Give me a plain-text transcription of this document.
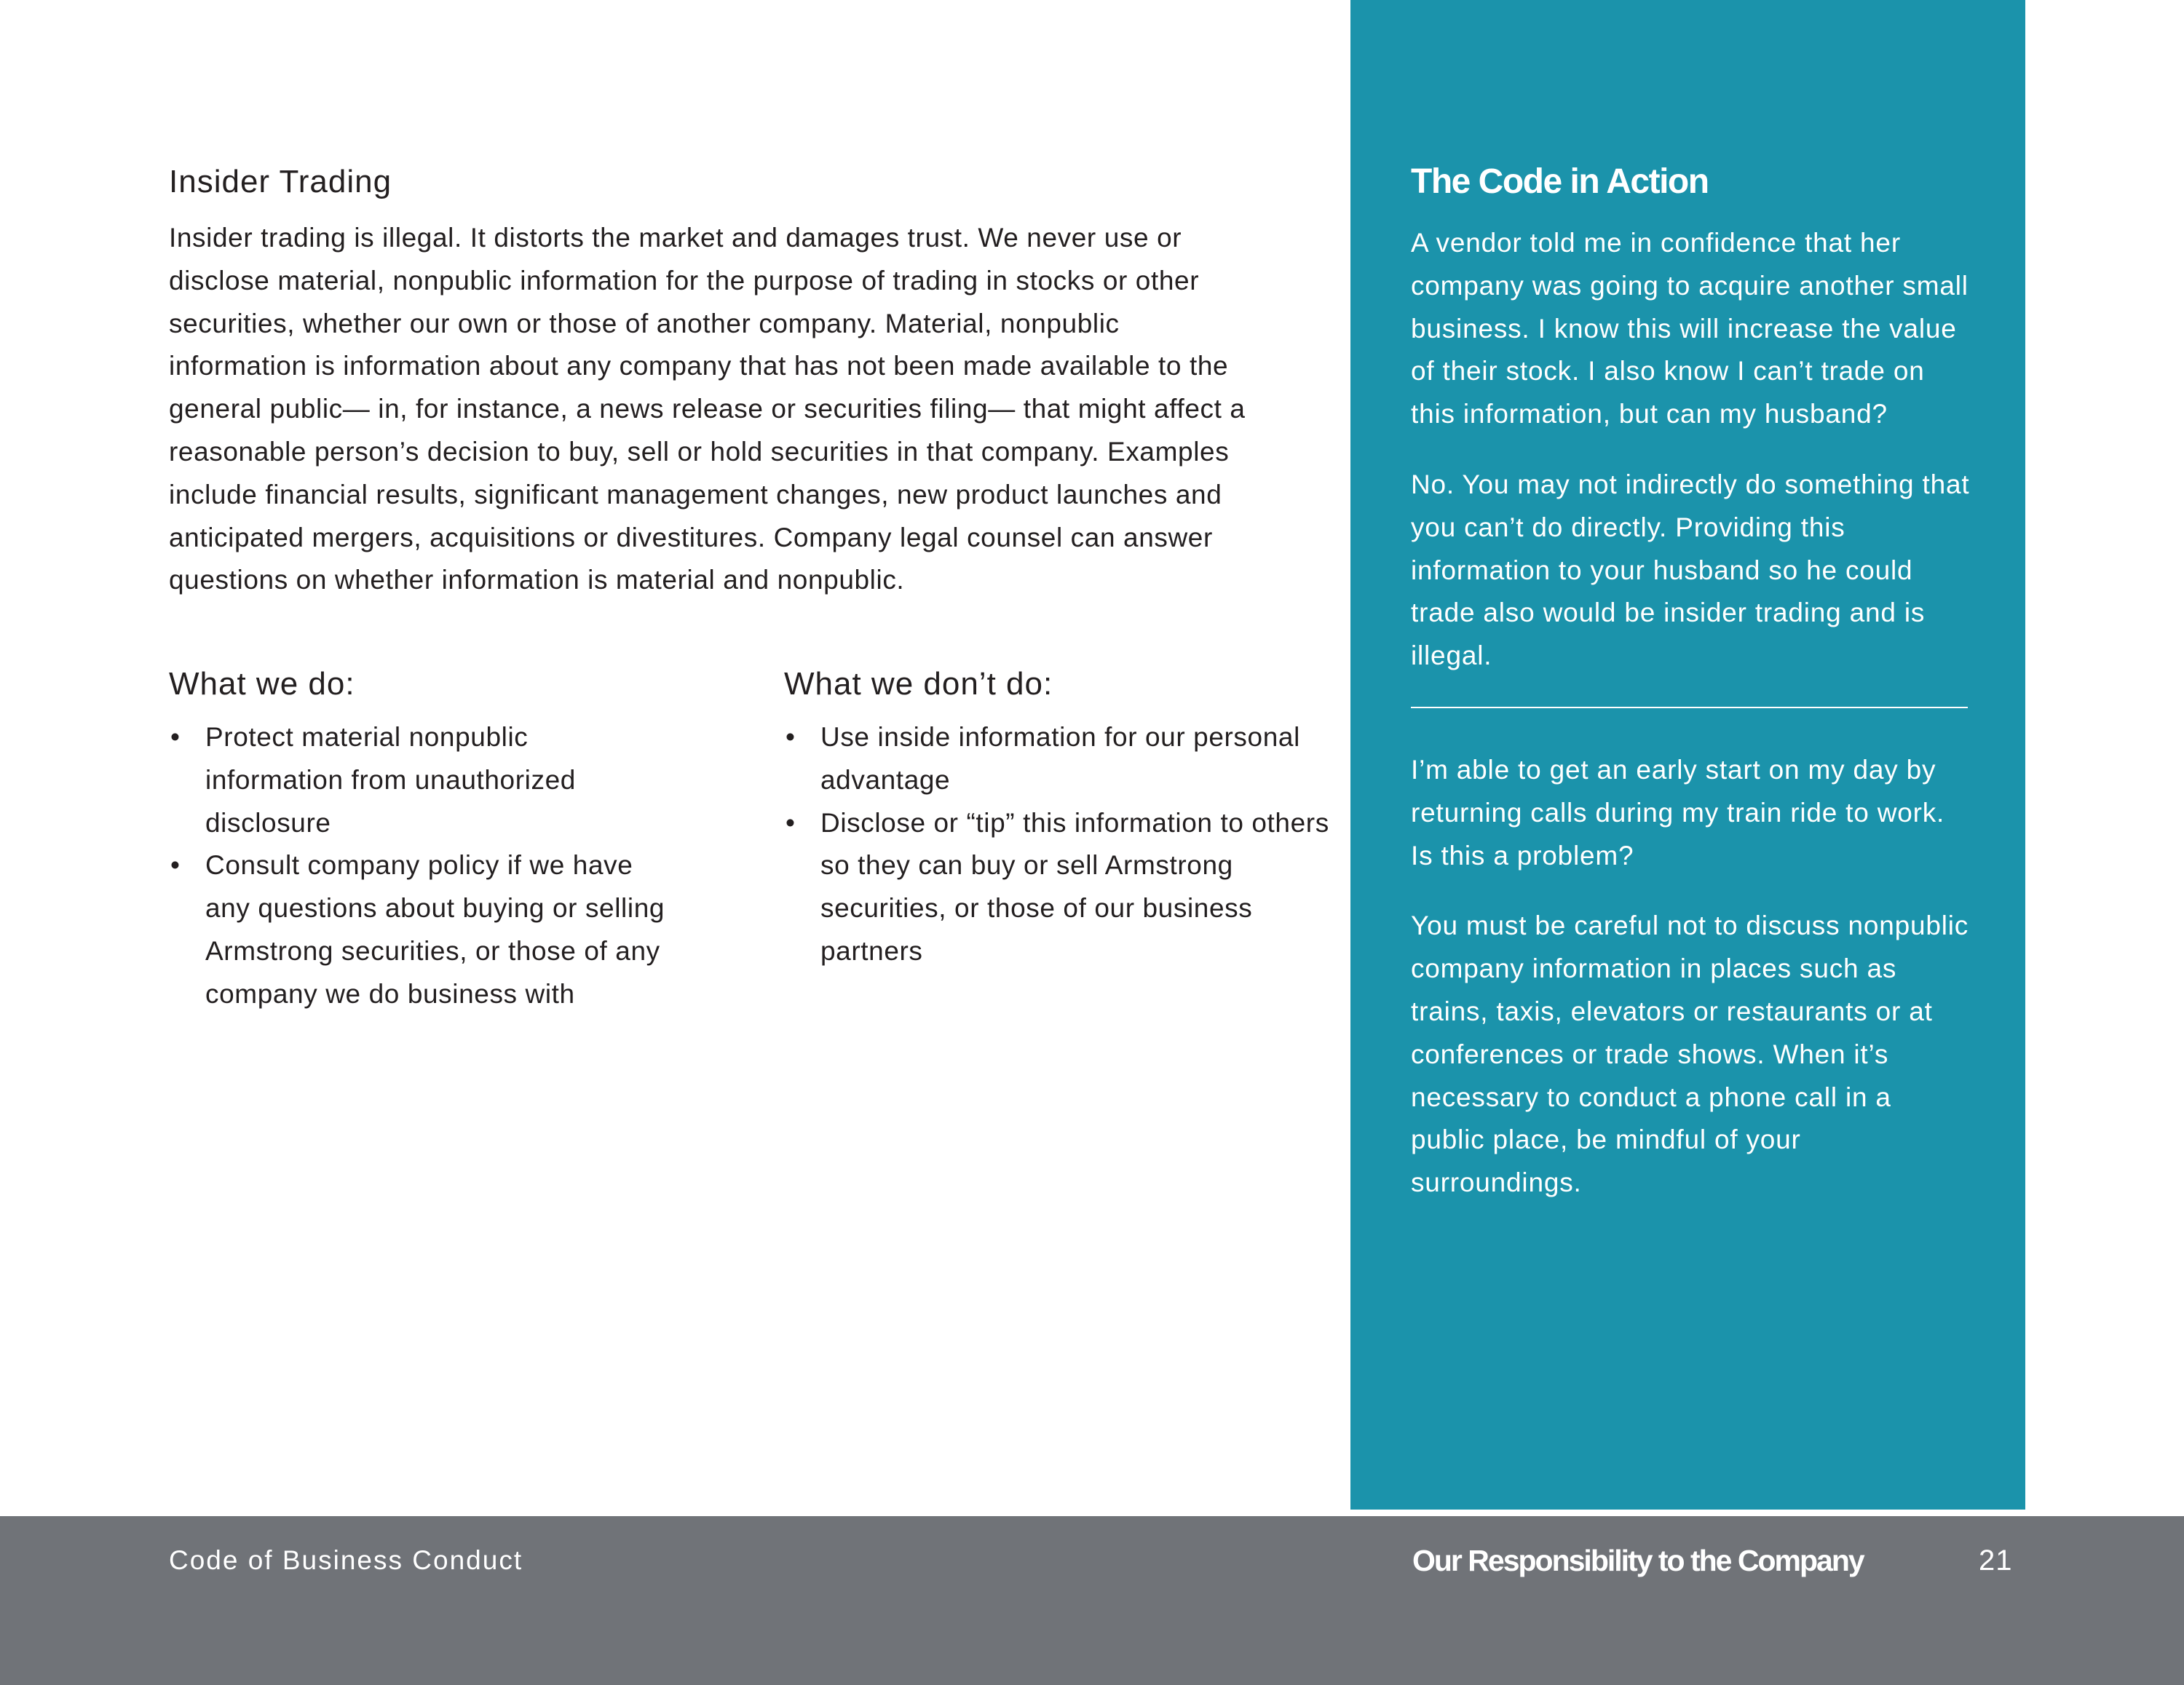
Insider Trading

Insider trading is illegal. It distorts the market and damages trust. We never use or disclose material, nonpublic information for the purpose of trading in stocks or other securities, whether our own or those of another company. Material, nonpublic information is information about any company that has not been made available to the general public— in, for instance, a news release or securities filing— that might affect a reasonable person’s decision to buy, sell or hold securities in that company. Examples include financial results, significant management changes, new product launches and anticipated mergers, acquisitions or divestitures. Company legal counsel can answer questions on whether information is material and nonpublic.

What we do:
• Protect material nonpublic information from unauthorized disclosure
• Consult company policy if we have any questions about buying or selling Armstrong securities, or those of any company we do business with
What we don’t do:
• Use inside information for our personal advantage
• Disclose or “tip” this information to others so they can buy or sell Armstrong securities, or those of our business partners
The Code in Action

A vendor told me in confidence that her company was going to acquire another small business. I know this will increase the value of their stock. I also know I can’t trade on this information, but can my husband?

No. You may not indirectly do something that you can’t do directly. Providing this information to your husband so he could trade also would be insider trading and is illegal.

I’m able to get an early start on my day by returning calls during my train ride to work. Is this a problem?

You must be careful not to discuss nonpublic company information in places such as trains, taxis, elevators or restaurants or at conferences or trade shows. When it’s necessary to conduct a phone call in a public place, be mindful of your surroundings.

Code of Business Conduct	Our Responsibility to the Company	21
